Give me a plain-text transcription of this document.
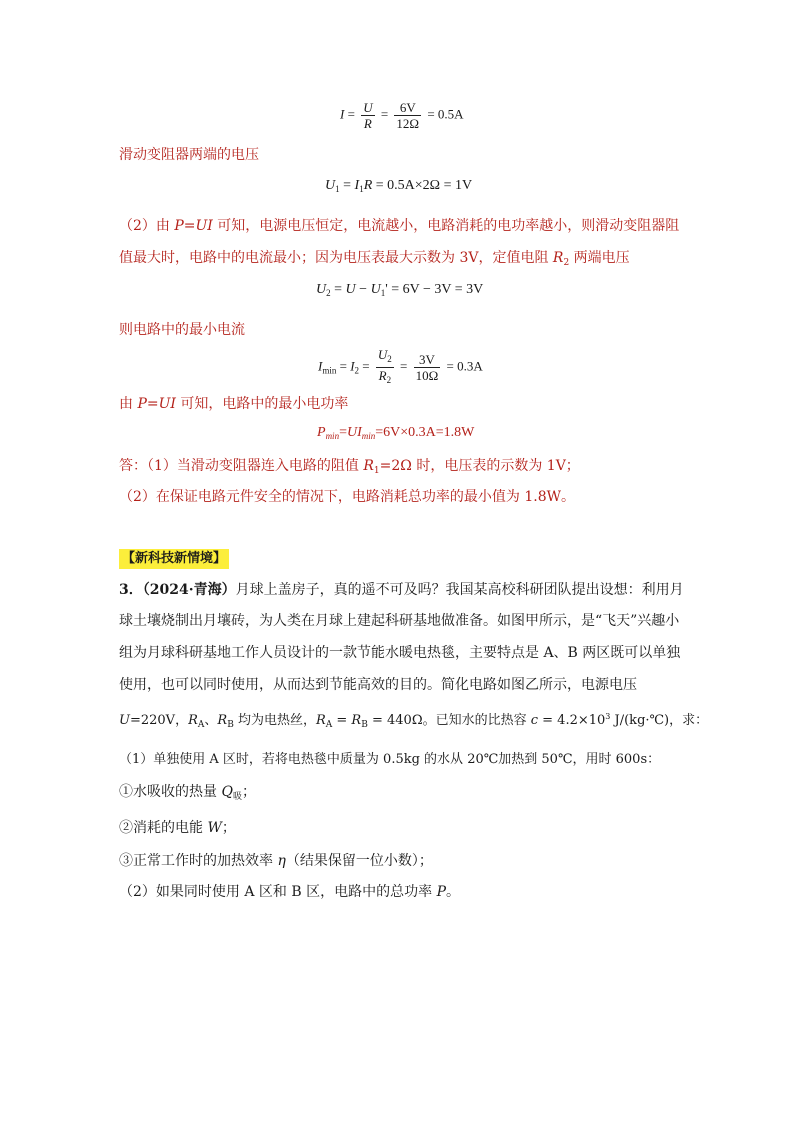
$I = \frac{U}{R} = \frac{6V}{12\Omega} = 0.5A$
滑动变阻器两端的电压
$U_1 = I_1R = 0.5A\times 2\Omega = 1V$
（2）由 P=UI 可知，电源电压恒定，电流越小，电路消耗的电功率越小，则滑动变阻器阻
值最大时，电路中的电流最小；因为电压表最大示数为 3V，定值电阻 $R_2$ 两端电压
$U_2 = U - U_1' = 6V - 3V = 3V$
则电路中的最小电流
$I_{min} = I_2 = \frac{U_2}{R_2} = \frac{3V}{10\Omega} = 0.3A$
由 P=UI 可知，电路中的最小电功率
$P_{min}=UI_{min}=6V\times 0.3A=1.8W$
答：（1）当滑动变阻器连入电路的阻值 $R_1=2\Omega$ 时，电压表的示数为 1V；
（2）在保证电路元件安全的情况下，电路消耗总功率的最小值为 1.8W。
【新科技新情境】
3．（2024·青海）月球上盖房子，真的遥不可及吗？我国某高校科研团队提出设想：利用月
球土壤烧制出月壤砖，为人类在月球上建起科研基地做准备。如图甲所示，是“飞天”兴趣小
组为月球科研基地工作人员设计的一款节能水暖电热毯，主要特点是 A、B 两区既可以单独
使用，也可以同时使用，从而达到节能高效的目的。简化电路如图乙所示，电源电压
U=220V，$R_A$、$R_B$ 均为电热丝，$R_A = R_B = 440\Omega$。已知水的比热容 $c = 4.2\times 10^3$ J/(kg·℃)，求：
（1）单独使用 A 区时，若将电热毯中质量为 0.5kg 的水从 20℃加热到 50℃，用时 600s：
①水吸收的热量 $Q_吸$；
②消耗的电能 W；
③正常工作时的加热效率 η（结果保留一位小数）；
（2）如果同时使用 A 区和 B 区，电路中的总功率 P。
